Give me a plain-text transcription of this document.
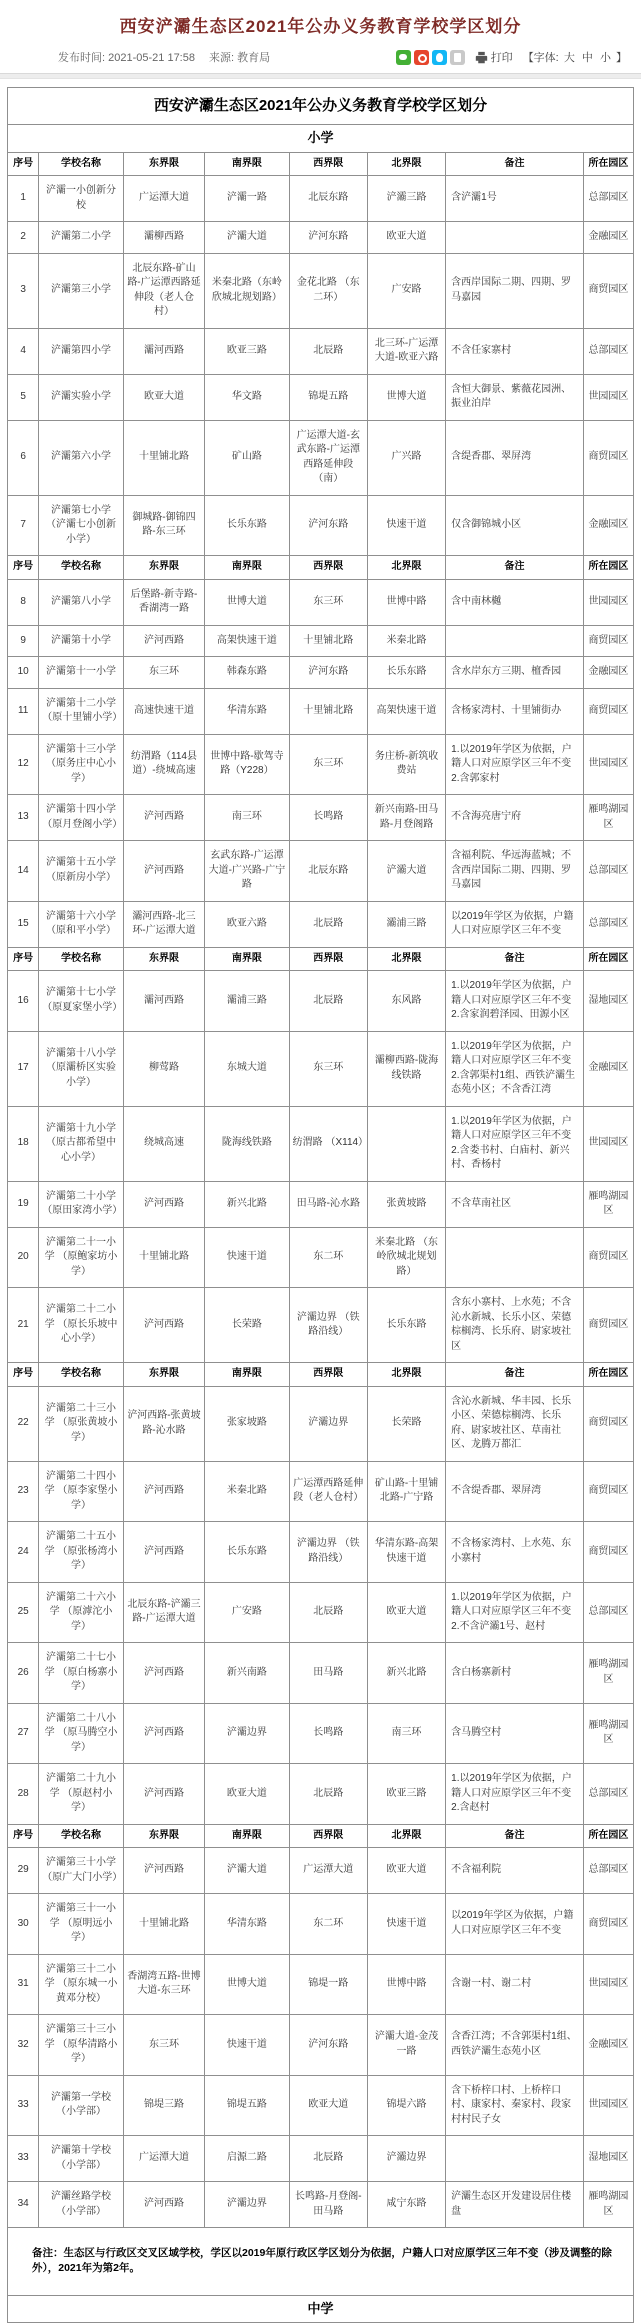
西安浐灞生态区2021年公办义务教育学校学区划分
发布时间: 2021-05-21 17:58 来源: 教育局	打印 【字体: 大 中 小 】
西安浐灞生态区2021年公办义务教育学校学区划分							
小学							
序号	学校名称	东界限	南界限	西界限	北界限	备注	所在园区
1	浐灞一小创新分校	广运潭大道	浐灞一路	北辰东路	浐灞三路	含浐灞1号	总部园区
2	浐灞第二小学	灞柳西路	浐灞大道	浐河东路	欧亚大道		金融园区
3	浐灞第三小学	北辰东路-矿山路-广运潭西路延伸段（老人仓村）	米秦北路（东岭欣城北规划路）	金花北路 （东二环）	广安路	含西岸国际二期、四期、罗马嘉园	商贸园区
4	浐灞第四小学	灞河西路	欧亚三路	北辰路	北三环-广运潭大道-欧亚六路	不含任家寨村	总部园区
5	浐灞实验小学	欧亚大道	华文路	锦堤五路	世博大道	含恒大御景、紫薇花园洲、振业泊岸	世园园区
6	浐灞第六小学	十里铺北路	矿山路	广运潭大道-玄武东路-广运潭西路延伸段（南）	广兴路	含缇香郡、翠屏湾	商贸园区
7	浐灞第七小学 （浐灞七小创新小学）	御城路-御锦四路-东三环	长乐东路	浐河东路	快速干道	仅含御锦城小区	金融园区
序号	学校名称	东界限	南界限	西界限	北界限	备注	所在园区
8	浐灞第八小学	后堡路-新寺路-香湖湾一路	世博大道	东三环	世博中路	含中南林樾	世园园区
9	浐灞第十小学	浐河西路	高架快速干道	十里铺北路	米秦北路		商贸园区
10	浐灞第十一小学	东三环	韩森东路	浐河东路	长乐东路	含水岸东方三期、檀香园	金融园区
11	浐灞第十二小学 （原十里铺小学）	高速快速干道	华清东路	十里铺北路	高架快速干道	含杨家湾村、十里铺街办	商贸园区
12	浐灞第十三小学 （原务庄中心小学）	纺渭路（114县道）-绕城高速	世博中路-歇驾寺路（Y228）	东三环	务庄桥-新筑收费站	1.以2019年学区为依据，户籍人口对应原学区三年不变 2.含郭家村	世园园区
13	浐灞第十四小学 （原月登阁小学）	浐河西路	南三环	长鸣路	新兴南路-田马路-月登阁路	不含海亮唐宁府	雁鸣湖园区
14	浐灞第十五小学 （原新房小学）	浐河西路	玄武东路-广运潭大道-广兴路-广宁路	北辰东路	浐灞大道	含福利院、华远海蓝城；不含西岸国际二期、四期、罗马嘉园	总部园区
15	浐灞第十六小学 （原和平小学）	灞河西路-北三环-广运潭大道	欧亚六路	北辰路	灞浦三路	以2019年学区为依据，户籍人口对应原学区三年不变	总部园区
序号	学校名称	东界限	南界限	西界限	北界限	备注	所在园区
16	浐灞第十七小学 （原夏家堡小学）	灞河西路	灞浦三路	北辰路	东风路	1.以2019年学区为依据，户籍人口对应原学区三年不变 2.含家润碧泽园、田源小区	湿地园区
17	浐灞第十八小学 （原灞桥区实验小学）	柳莺路	东城大道	东三环	灞柳西路-陇海线铁路	1.以2019年学区为依据，户籍人口对应原学区三年不变 2.含郭渠村1组、西铁浐灞生态苑小区；不含香江湾	金融园区
18	浐灞第十九小学 （原古都希望中心小学）	绕城高速	陇海线铁路	纺渭路 （X114）		1.以2019年学区为依据，户籍人口对应原学区三年不变 2.含娄书村、白庙村、新兴村、香杨村	世园园区
19	浐灞第二十小学 （原田家湾小学）	浐河西路	新兴北路	田马路-沁水路	张黄坡路	不含草南社区	雁鸣湖园区
20	浐灞第二十一小学 （原鲍家坊小学）	十里铺北路	快速干道	东二环	米秦北路 （东岭欣城北规划路）		商贸园区
21	浐灞第二十二小学 （原长乐坡中心小学）	浐河西路	长荣路	浐灞边界 （铁路沿线）	长乐东路	含东小寨村、上水苑；不含沁水新城、长乐小区、荣德棕榈湾、长乐府、尉家坡社区	商贸园区
序号	学校名称	东界限	南界限	西界限	北界限	备注	所在园区
22	浐灞第二十三小学 （原张黄坡小学）	浐河西路-张黄坡路-沁水路	张家坡路	浐灞边界	长荣路	含沁水新城、华丰园、长乐小区、荣德棕榈湾、长乐府、尉家坡社区、草南社区、龙腾万都汇	商贸园区
23	浐灞第二十四小学 （原李家堡小学）	浐河西路	米秦北路	广运潭西路延伸段（老人仓村）	矿山路-十里铺北路-广宁路	不含缇香郡、翠屏湾	商贸园区
24	浐灞第二十五小学 （原张杨湾小学）	浐河西路	长乐东路	浐灞边界 （铁路沿线）	华清东路-高架快速干道	不含杨家湾村、上水苑、东小寨村	商贸园区
25	浐灞第二十六小学 （原滹沱小学）	北辰东路-浐灞三路-广运潭大道	广安路	北辰路	欧亚大道	1.以2019年学区为依据，户籍人口对应原学区三年不变 2.不含浐灞1号、赵村	总部园区
26	浐灞第二十七小学 （原白杨寨小学）	浐河西路	新兴南路	田马路	新兴北路	含白杨寨新村	雁鸣湖园区
27	浐灞第二十八小学 （原马腾空小学）	浐河西路	浐灞边界	长鸣路	南三环	含马腾空村	雁鸣湖园区
28	浐灞第二十九小学 （原赵村小学）	浐河西路	欧亚大道	北辰路	欧亚三路	1.以2019年学区为依据，户籍人口对应原学区三年不变 2.含赵村	总部园区
序号	学校名称	东界限	南界限	西界限	北界限	备注	所在园区
29	浐灞第三十小学 （原广大门小学）	浐河西路	浐灞大道	广运潭大道	欧亚大道	不含福利院	总部园区
30	浐灞第三十一小学 （原明远小学）	十里铺北路	华清东路	东二环	快速干道	以2019年学区为依据，户籍人口对应原学区三年不变	商贸园区
31	浐灞第三十二小学 （原东城一小黄邓分校）	香湖湾五路-世博大道-东三环	世博大道	锦堤一路	世博中路	含谢一村、谢二村	世园园区
32	浐灞第三十三小学 （原华清路小学）	东三环	快速干道	浐河东路	浐灞大道-金茂一路	含香江湾；不含郭渠村1组、西铁浐灞生态苑小区	金融园区
33	浐灞第一学校 （小学部）	锦堤三路	锦堤五路	欧亚大道	锦堤六路	含下桥梓口村、上桥梓口村、康家村、秦家村、段家村村民子女	世园园区
33	浐灞第十学校 （小学部）	广运潭大道	启源二路	北辰路	浐灞边界		湿地园区
34	浐灞丝路学校 （小学部）	浐河西路	浐灞边界	长鸣路-月登阁-田马路	咸宁东路	浐灞生态区开发建设居住楼盘	雁鸣湖园区
备注：生态区与行政区交叉区域学校，学区以2019年原行政区学区划分为依据，户籍人口对应原学区三年不变（涉及调整的除外），2021年为第2年。							
中学							
